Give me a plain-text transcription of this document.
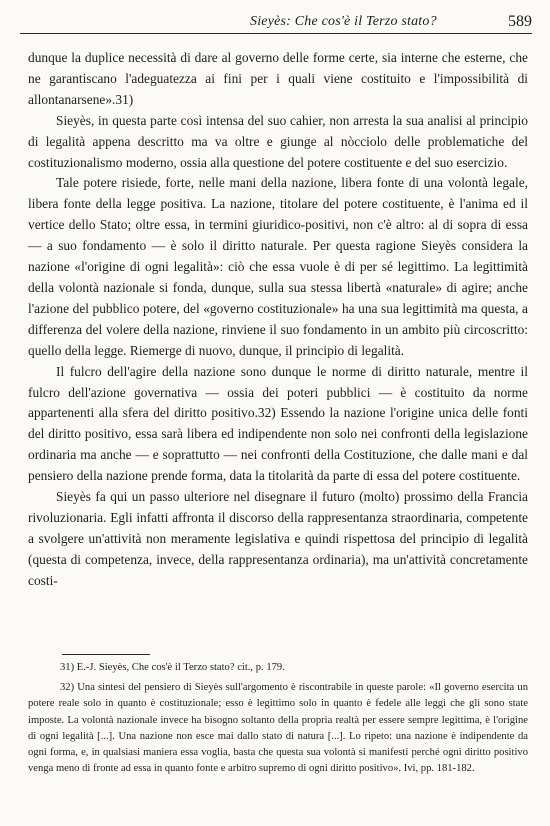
Sieyès: Che cos'è il Terzo stato?	589

dunque la duplice necessità di dare al governo delle forme certe, sia interne che esterne, che ne garantiscano l'adeguatezza ai fini per i quali viene costituito e l'impossibilità di allontanarsene».31)

Sieyès, in questa parte così intensa del suo cahier, non arresta la sua analisi al principio di legalità appena descritto ma va oltre e giunge al nòcciolo delle problematiche del costituzionalismo moderno, ossia alla questione del potere costituente e del suo esercizio.

Tale potere risiede, forte, nelle mani della nazione, libera fonte di una volontà legale, libera fonte della legge positiva. La nazione, titolare del potere costituente, è l'anima ed il vertice dello Stato; oltre essa, in termini giuridico-positivi, non c'è altro: al di sopra di essa — a suo fondamento — è solo il diritto naturale. Per questa ragione Sieyès considera la nazione «l'origine di ogni legalità»: ciò che essa vuole è di per sé legittimo. La legittimità della volontà nazionale si fonda, dunque, sulla sua stessa libertà «naturale» di agire; anche l'azione del pubblico potere, del «governo costituzionale» ha una sua legittimità ma questa, a differenza del volere della nazione, rinviene il suo fondamento in un ambito più circoscritto: quello della legge. Riemerge di nuovo, dunque, il principio di legalità.

Il fulcro dell'agire della nazione sono dunque le norme di diritto naturale, mentre il fulcro dell'azione governativa — ossia dei poteri pubblici — è costituito da norme appartenenti alla sfera del diritto positivo.32) Essendo la nazione l'origine unica delle fonti del diritto positivo, essa sarà libera ed indipendente non solo nei confronti della legislazione ordinaria ma anche — e soprattutto — nei confronti della Costituzione, che dalle mani e dal pensiero della nazione prende forma, data la titolarità da parte di essa del potere costituente.

Sieyès fa qui un passo ulteriore nel disegnare il futuro (molto) prossimo della Francia rivoluzionaria. Egli infatti affronta il discorso della rappresentanza straordinaria, competente a svolgere un'attività non meramente legislativa e quindi rispettosa del principio di legalità (questa di competenza, invece, della rappresentanza ordinaria), ma un'attività concretamente costi-

31) E.-J. Sieyès, Che cos'è il Terzo stato? cit., p. 179.

32) Una sintesi del pensiero di Sieyès sull'argomento è riscontrabile in queste parole: «Il governo esercita un potere reale solo in quanto è costituzionale; esso è legittimo solo in quanto è fedele alle leggi che gli sono state imposte. La volontà nazionale invece ha bisogno soltanto della propria realtà per essere sempre legittima, è l'origine di ogni legalità [...]. Una nazione non esce mai dallo stato di natura [...]. Lo ripeto: una nazione è indipendente da ogni forma, e, in qualsiasi maniera essa voglia, basta che questa sua volontà si manifesti perché ogni diritto positivo venga meno di fronte ad essa in quanto fonte e arbitro supremo di ogni diritto positivo». Ivi, pp. 181-182.
